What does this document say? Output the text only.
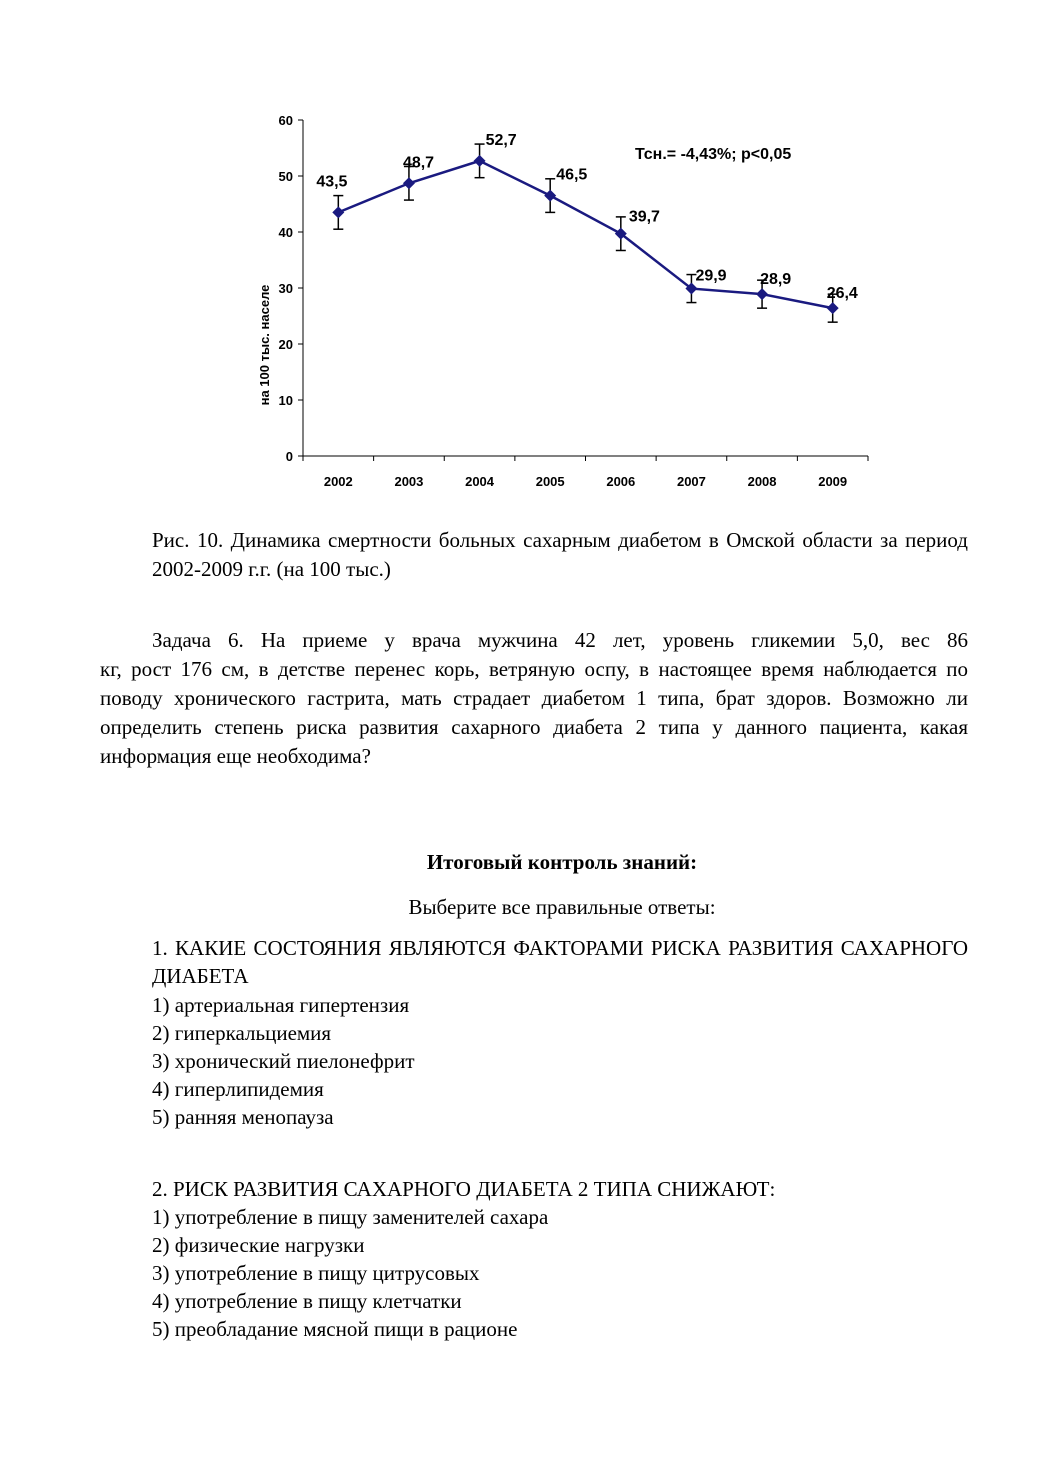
0
10
20
30
40
50
60
2002	2003	2004	2005	2006	2007	2008	2009
43,5
48,7
52,7
46,5
39,7
29,9 28,9
26,4
на 100 тыс. населе
Тсн.= -4,43%; р<0,05
Рис. 10. Динамика смертности больных сахарным диабетом в Омской области за период 2002-2009 г.г. (на 100 тыс.)
Задача 6. На приеме у врача мужчина 42 лет, уровень гликемии 5,0, вес 86
кг, рост 176 см, в детстве перенес корь, ветряную оспу, в настоящее время наблюдается по поводу хронического гастрита, мать страдает диабетом 1 типа, брат здоров. Возможно ли определить степень риска развития сахарного диабета 2 типа у данного пациента, какая информация еще необходима?
Итоговый контроль знаний:
Выберите все правильные ответы:
1. КАКИЕ СОСТОЯНИЯ ЯВЛЯЮТСЯ ФАКТОРАМИ РИСКА РАЗВИТИЯ САХАРНОГО ДИАБЕТА
1) артериальная гипертензия
2) гиперкальциемия
3) хронический пиелонефрит
4) гиперлипидемия
5) ранняя менопауза
2. РИСК РАЗВИТИЯ САХАРНОГО ДИАБЕТА 2 ТИПА СНИЖАЮТ:
1) употребление в пищу заменителей сахара
2) физические нагрузки
3) употребление в пищу цитрусовых
4) употребление в пищу клетчатки
5) преобладание мясной пищи в рационе
